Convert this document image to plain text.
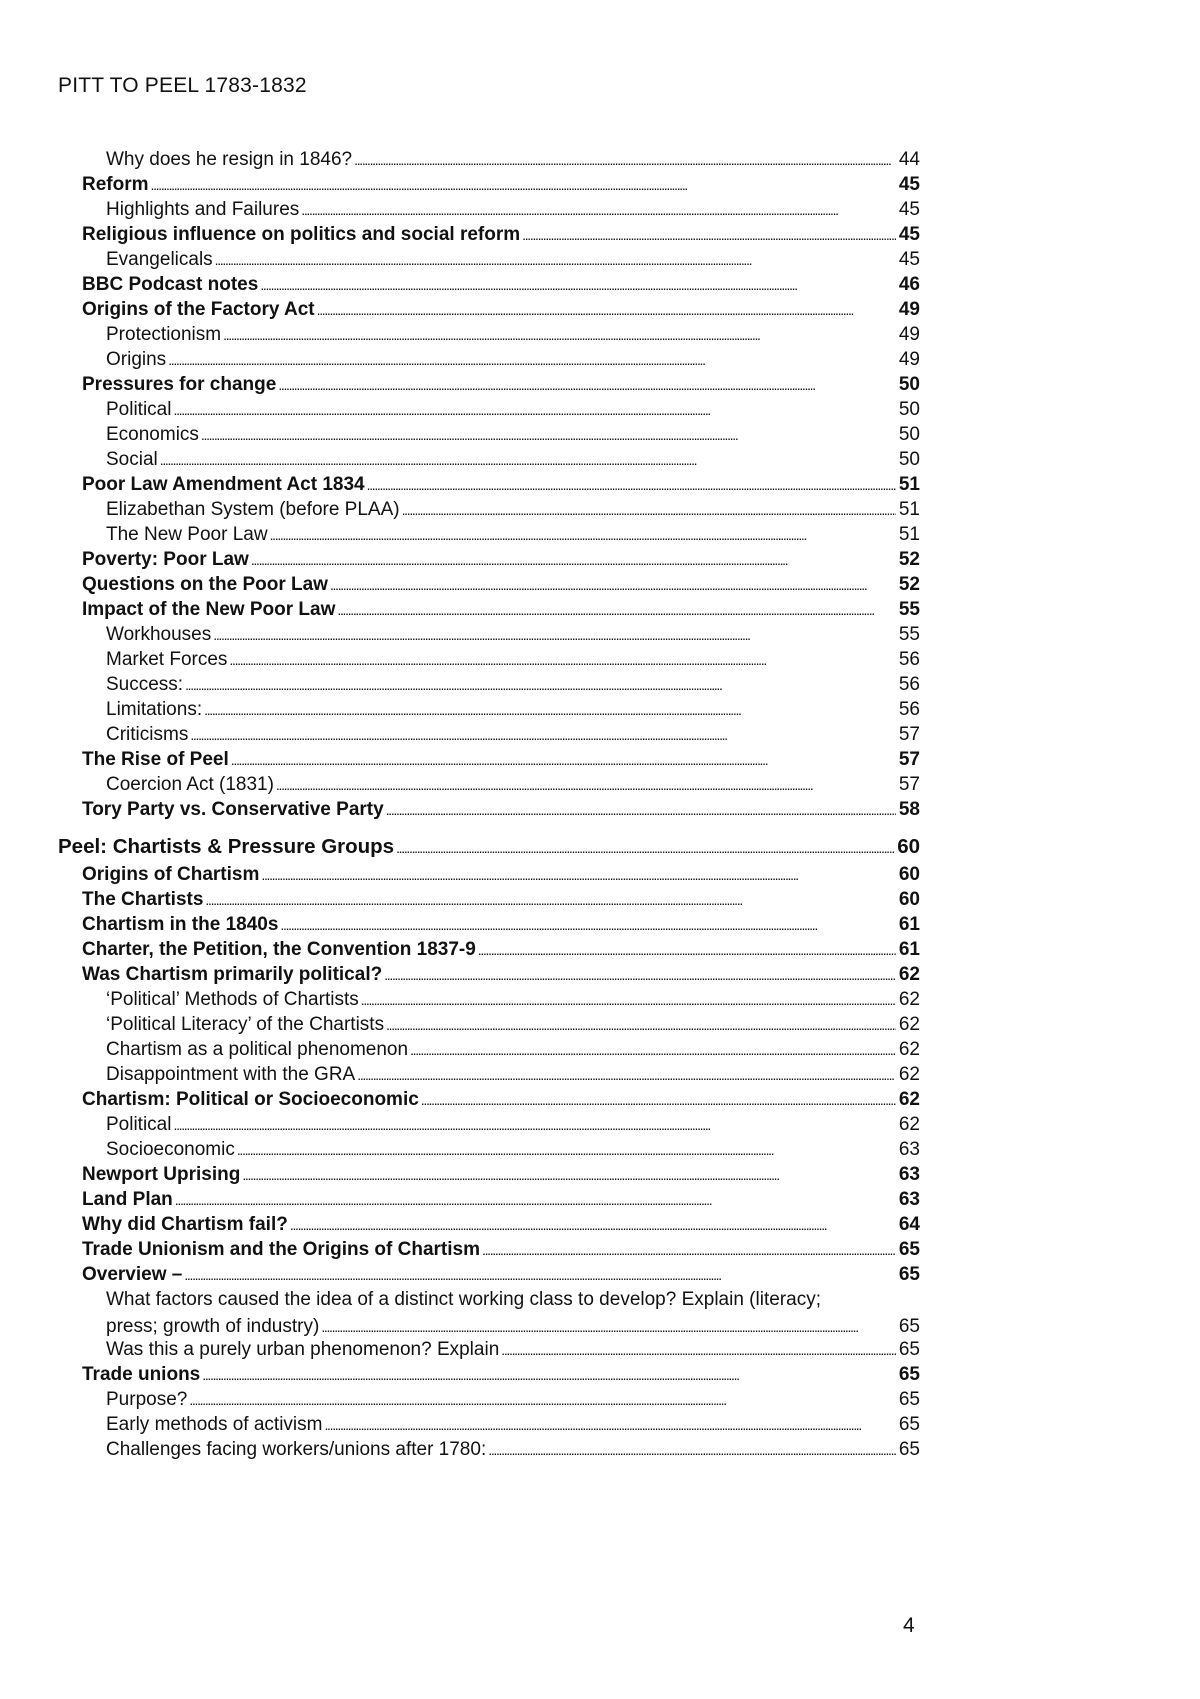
PITT TO PEEL 1783-1832
Why does he resign in 1846? . . .	44
Reform . . .	45
Highlights and Failures . . .	45
Religious influence on politics and social reform . . .	45
Evangelicals . . .	45
BBC Podcast notes . . .	46
Origins of the Factory Act . . .	49
Protectionism . . .	49
Origins . . .	49
Pressures for change . . .	50
Political . . .	50
Economics . . .	50
Social . . .	50
Poor Law Amendment Act 1834 . . .	51
Elizabethan System (before PLAA) . . .	51
The New Poor Law . . .	51
Poverty: Poor Law . . .	52
Questions on the Poor Law . . .	52
Impact of the New Poor Law . . .	55
Workhouses . . .	55
Market Forces . . .	56
Success: . . .	56
Limitations: . . .	56
Criticisms . . .	57
The Rise of Peel . . .	57
Coercion Act (1831) . . .	57
Tory Party vs. Conservative Party . . .	58
Peel: Chartists & Pressure Groups . . .	60
Origins of Chartism . . .	60
The Chartists . . .	60
Chartism in the 1840s . . .	61
Charter, the Petition, the Convention 1837-9 . . .	61
Was Chartism primarily political? . . .	62
‘Political’ Methods of Chartists . . .	62
‘Political Literacy’ of the Chartists . . .	62
Chartism as a political phenomenon . . .	62
Disappointment with the GRA . . .	62
Chartism: Political or Socioeconomic . . .	62
Political . . .	62
Socioeconomic . . .	63
Newport Uprising . . .	63
Land Plan . . .	63
Why did Chartism fail? . . .	64
Trade Unionism and the Origins of Chartism . . .	65
Overview – . . .	65
What factors caused the idea of a distinct working class to develop? Explain (literacy;
press; growth of industry) . . .	65
Was this a purely urban phenomenon? Explain . . .	65
Trade unions . . .	65
Purpose? . . .	65
Early methods of activism . . .	65
Challenges facing workers/unions after 1780: . . .	65
4
